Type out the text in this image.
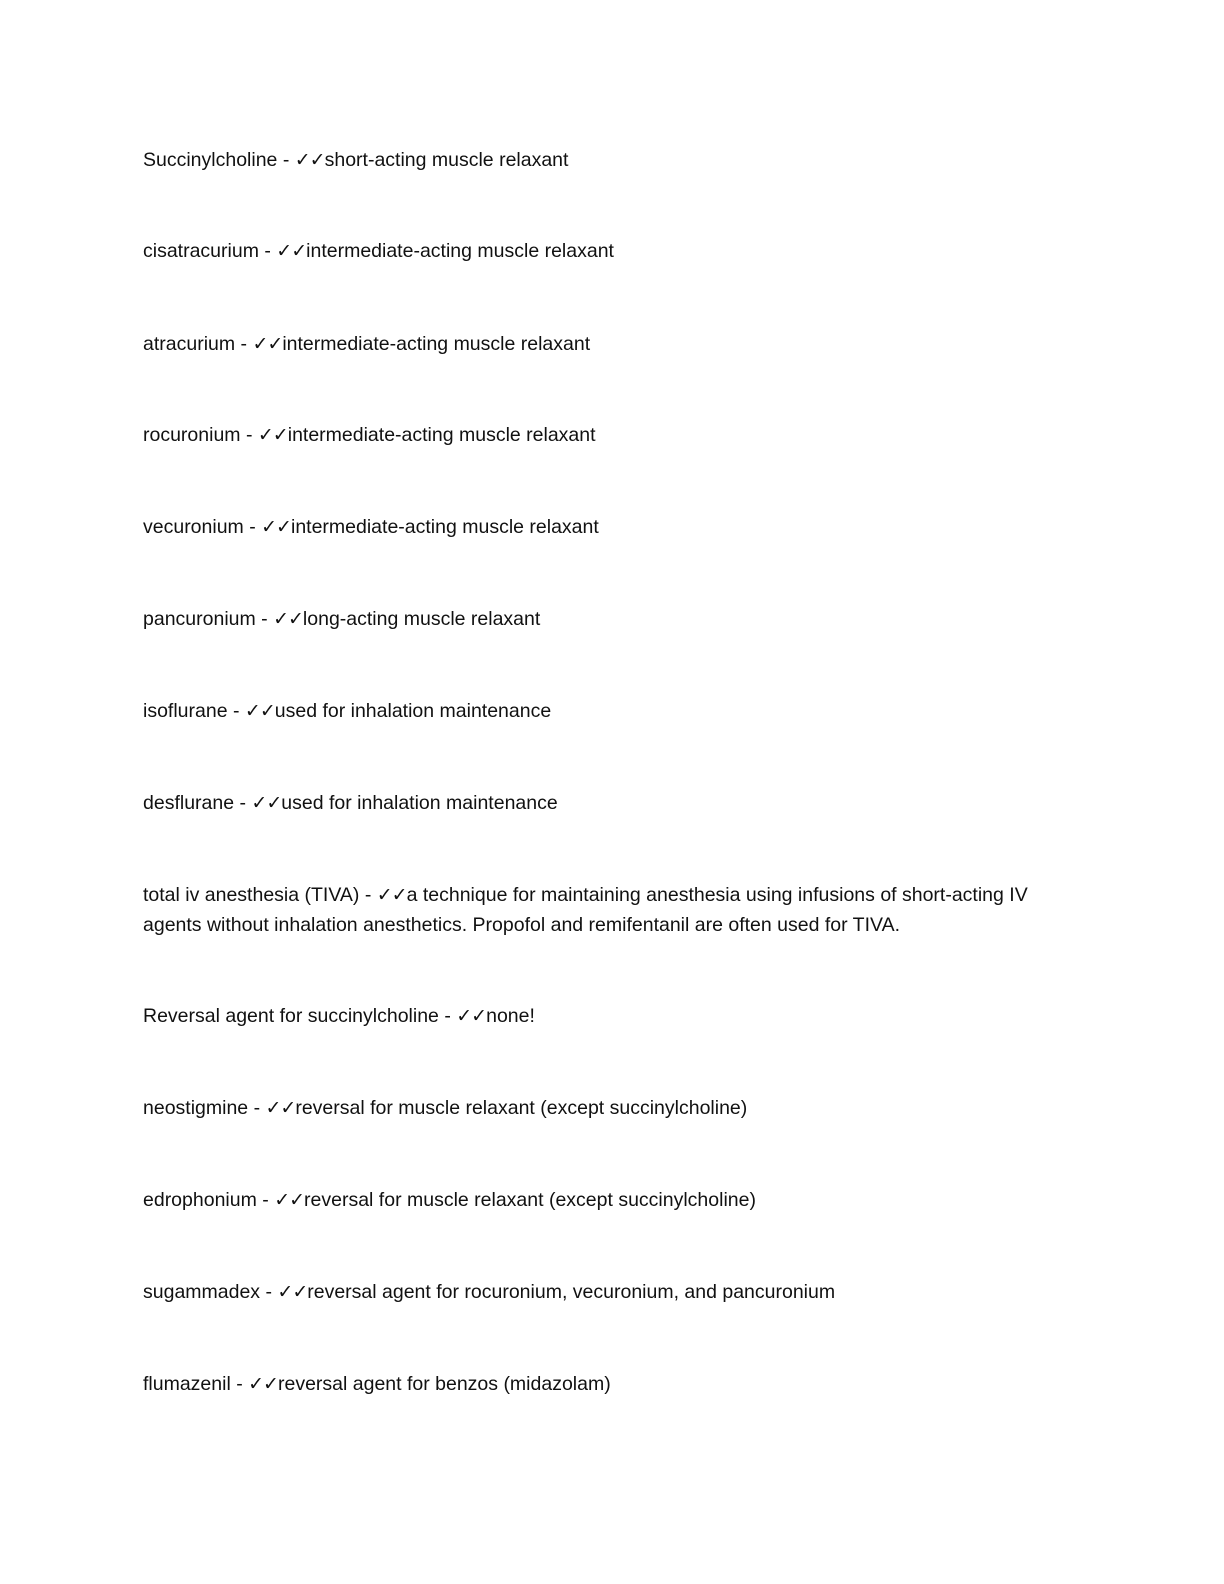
Succinylcholine - ✓✓short-acting muscle relaxant
cisatracurium - ✓✓intermediate-acting muscle relaxant
atracurium - ✓✓intermediate-acting muscle relaxant
rocuronium - ✓✓intermediate-acting muscle relaxant
vecuronium - ✓✓intermediate-acting muscle relaxant
pancuronium - ✓✓long-acting muscle relaxant
isoflurane - ✓✓used for inhalation maintenance
desflurane - ✓✓used for inhalation maintenance
total iv anesthesia (TIVA) - ✓✓a technique for maintaining anesthesia using infusions of short-acting IV agents without inhalation anesthetics. Propofol and remifentanil are often used for TIVA.
Reversal agent for succinylcholine - ✓✓none!
neostigmine - ✓✓reversal for muscle relaxant (except succinylcholine)
edrophonium - ✓✓reversal for muscle relaxant (except succinylcholine)
sugammadex - ✓✓reversal agent for rocuronium, vecuronium, and pancuronium
flumazenil - ✓✓reversal agent for benzos (midazolam)
